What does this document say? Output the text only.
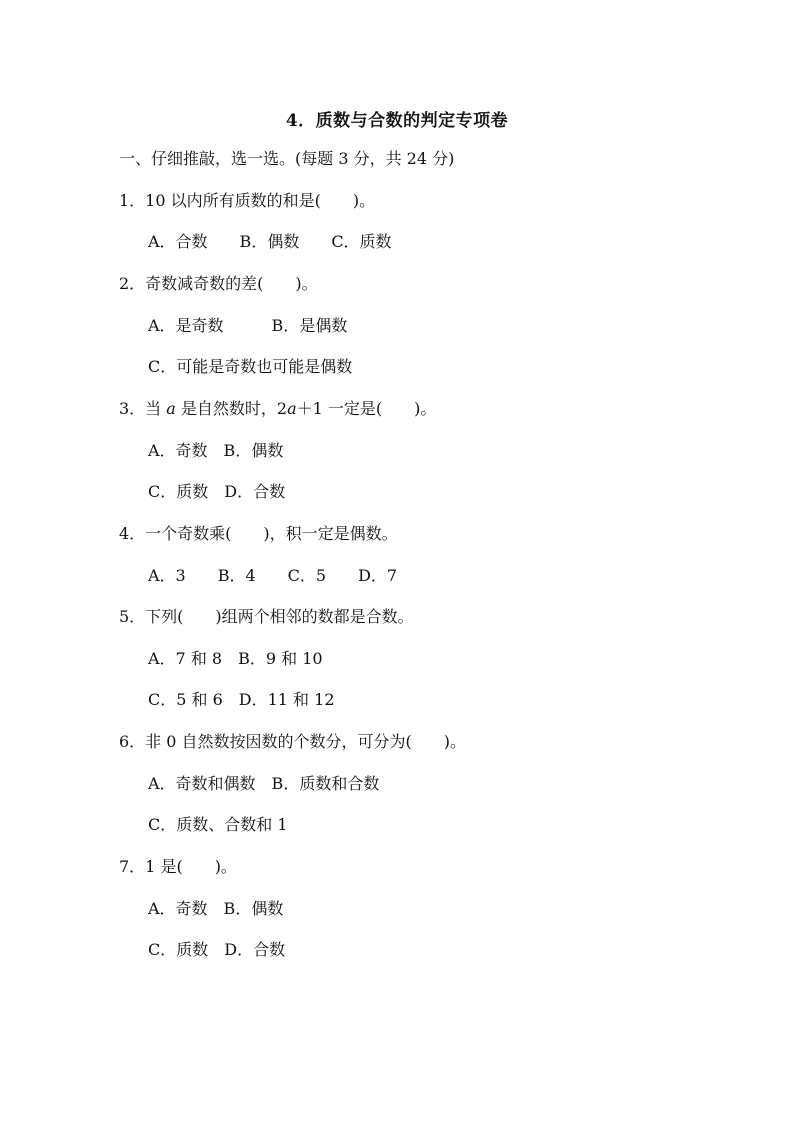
4．质数与合数的判定专项卷
一、仔细推敲，选一选。(每题 3 分，共 24 分)
1．10 以内所有质数的和是(　　)。
A．合数　　B．偶数　　C．质数
2．奇数减奇数的差(　　)。
A．是奇数　　　B．是偶数
C．可能是奇数也可能是偶数
3．当 a 是自然数时，2a＋1 一定是(　　)。
A．奇数　B．偶数
C．质数　D．合数
4．一个奇数乘(　　)，积一定是偶数。
A．3　　B．4　　C．5　　D．7
5．下列(　　)组两个相邻的数都是合数。
A．7 和 8　B．9 和 10
C．5 和 6　D．11 和 12
6．非 0 自然数按因数的个数分，可分为(　　)。
A．奇数和偶数　B．质数和合数
C．质数、合数和 1
7．1 是(　　)。
A．奇数　B．偶数
C．质数　D．合数
